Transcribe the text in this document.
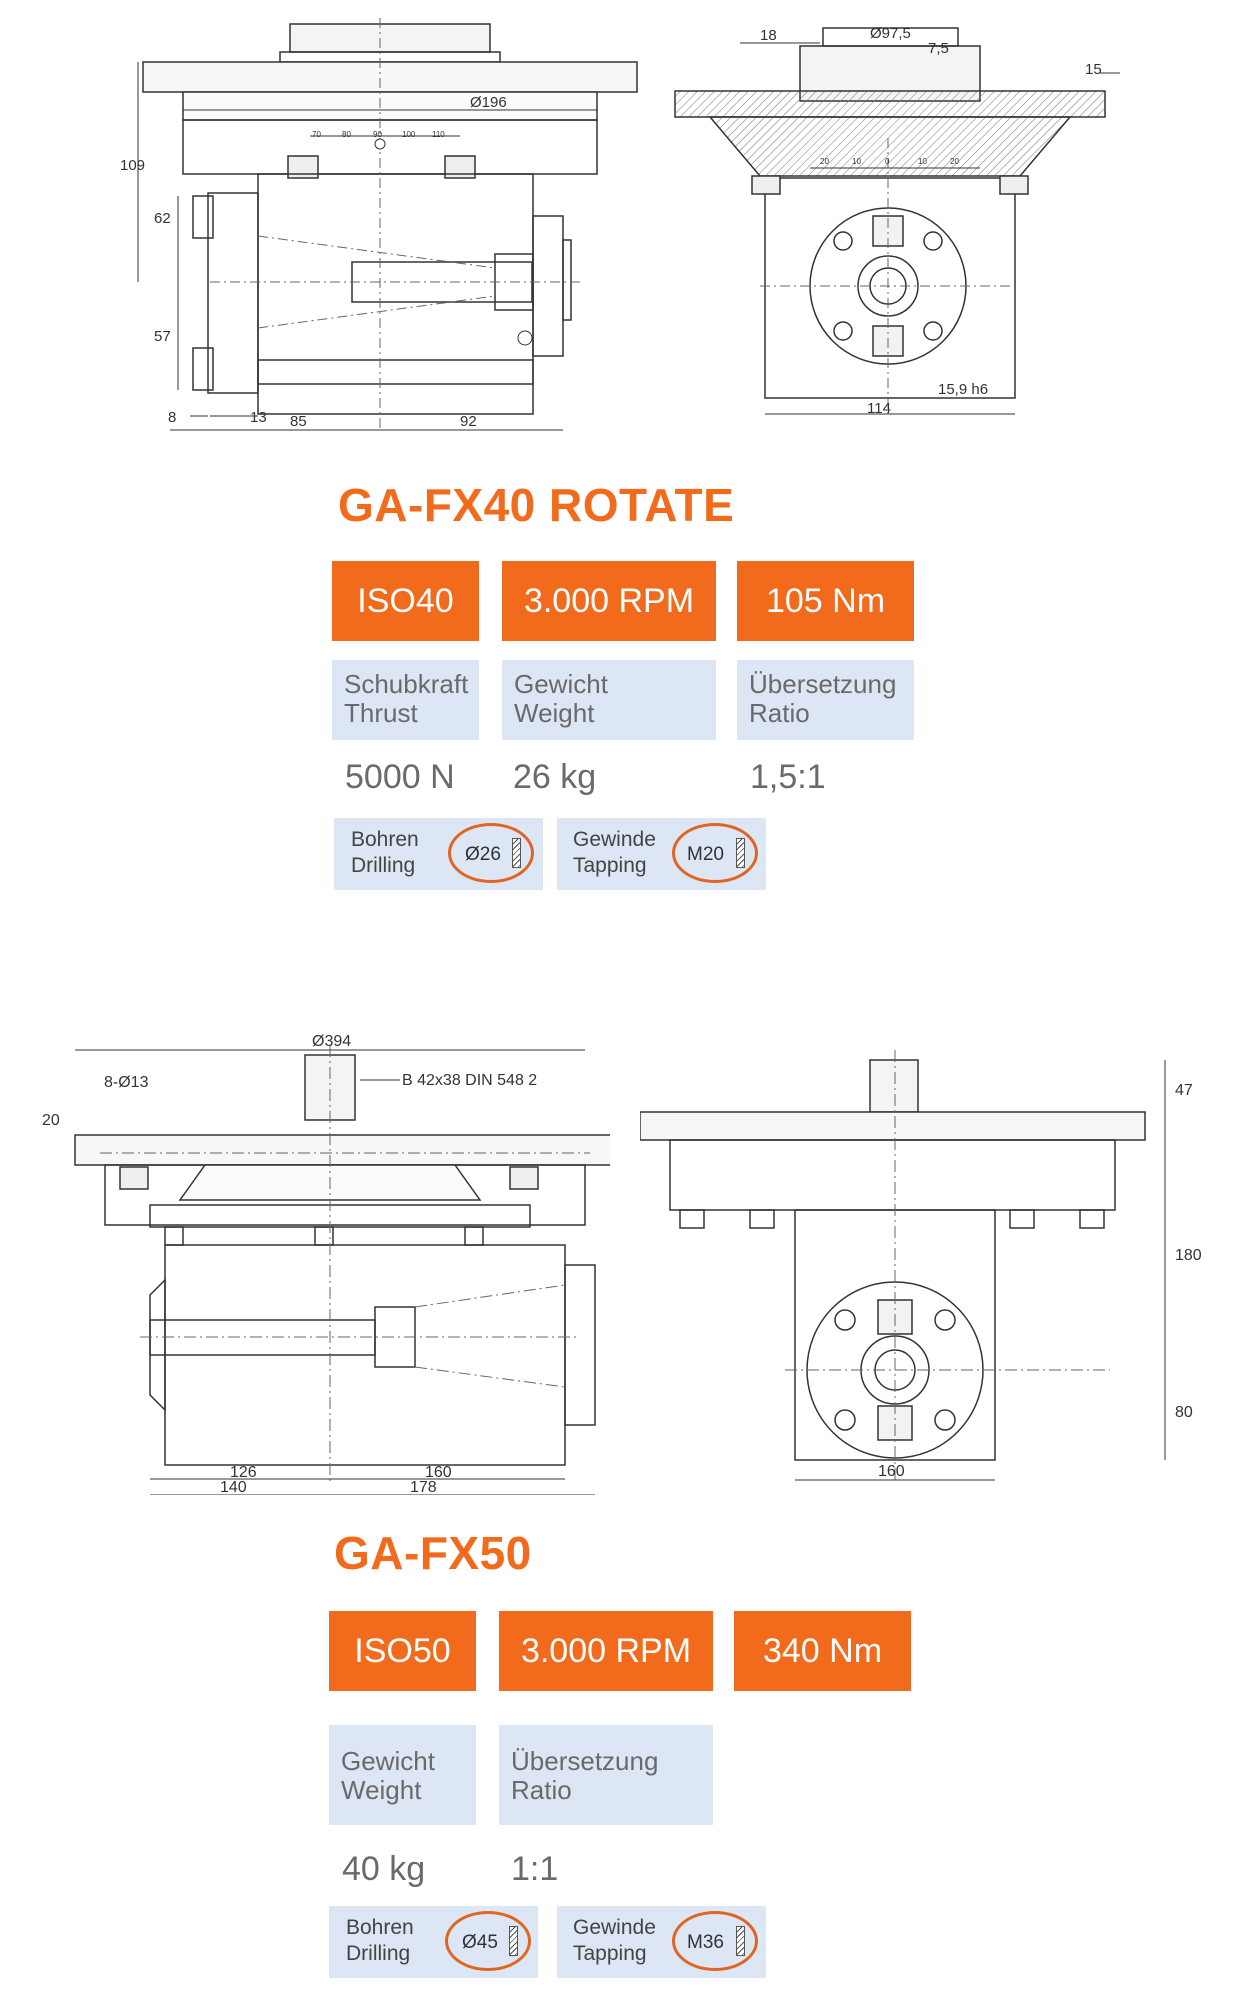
109
62
57
8	13 85	92
Ø196
70	80	90	100 110
18	Ø97,5
7,5
15
114
15,9 h6
20	10	0	10	20
GA-FX40 ROTATE
ISO40	3.000 RPM	105 Nm
Schubkraft
Thrust
Gewicht
Weight
Übersetzung
Ratio
5000 N 26 kg	1,5:1
Bohren
Drilling	Ø26
Gewinde
Tapping	M20
Ø394
B 42x38 DIN 548 2
8-Ø13
20
126	160
140	178
47
180
80
160
GA-FX50
ISO50	3.000 RPM	340 Nm
Gewicht
Weight
Übersetzung
Ratio
40 kg	1:1
Bohren
Drilling	Ø45
Gewinde
Tapping	M36
